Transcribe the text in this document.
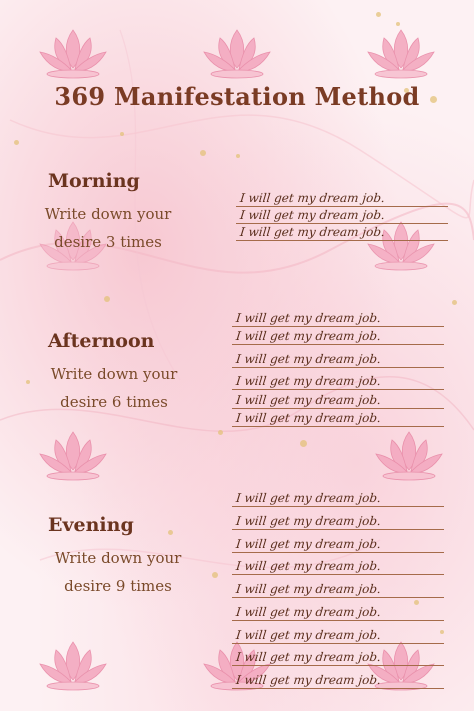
369 Manifestation Method
Morning

Write down your
desire 3 times

I will get my dream job.
I will get my dream job.
I will get my dream job.
Afternoon

Write down your
desire 6 times

I will get my dream job.
I will get my dream job.
I will get my dream job.
I will get my dream job.
I will get my dream job.
I will get my dream job.
Evening

Write down your
desire 9 times

I will get my dream job.
I will get my dream job.
I will get my dream job.
I will get my dream job.
I will get my dream job.
I will get my dream job.
I will get my dream job.
I will get my dream job.
I will get my dream job.
